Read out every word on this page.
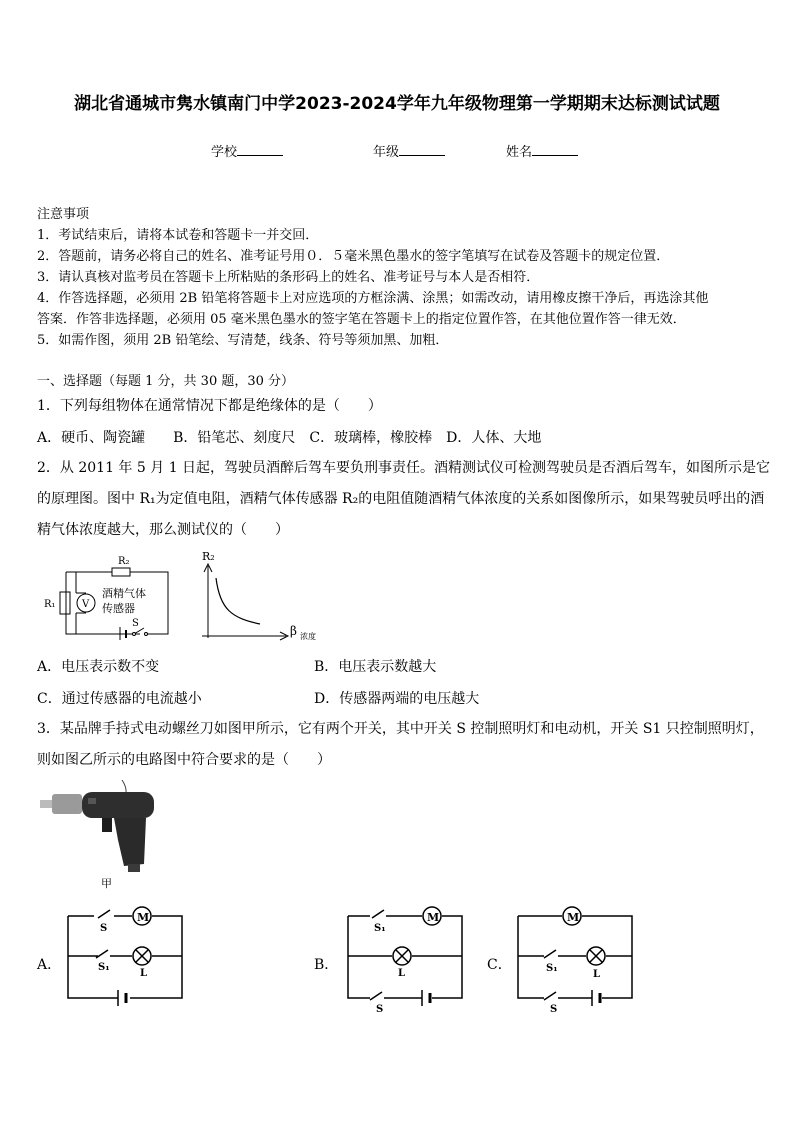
湖北省通城市隽水镇南门中学2023-2024学年九年级物理第一学期期末达标测试试题
学校	年级	姓名
注意事项
1．考试结束后，请将本试卷和答题卡一并交回．
2．答题前，请务必将自己的姓名、准考证号用０．５毫米黑色墨水的签字笔填写在试卷及答题卡的规定位置．
3．请认真核对监考员在答题卡上所粘贴的条形码上的姓名、准考证号与本人是否相符．
4．作答选择题，必须用 2B 铅笔将答题卡上对应选项的方框涂满、涂黑；如需改动，请用橡皮擦干净后，再选涂其他
答案．作答非选择题，必须用 05 毫米黑色墨水的签字笔在答题卡上的指定位置作答，在其他位置作答一律无效．
5．如需作图，须用 2B 铅笔绘、写清楚，线条、符号等须加黑、加粗．
一、选择题（每题 1 分，共 30 题，30 分）
1．下列每组物体在通常情况下都是绝缘体的是（　　）
A．硬币、陶瓷罐　　B．铅笔芯、刻度尺　C．玻璃棒，橡胶棒　D．人体、大地
2．从 2011 年 5 月 1 日起，驾驶员酒醉后驾车要负刑事责任。酒精测试仪可检测驾驶员是否酒后驾车，如图所示是它
的原理图。图中 R₁为定值电阻，酒精气体传感器 R₂的电阻值随酒精气体浓度的关系如图像所示，如果驾驶员呼出的酒
精气体浓度越大，那么测试仪的（　　）
R₂
R₁	V
酒精气体
传感器
S
R₂
β 浓度
A．电压表示数不变	B．电压表示数越大
C．通过传感器的电流越小	D．传感器两端的电压越大
3．某品牌手持式电动螺丝刀如图甲所示，它有两个开关，其中开关 S 控制照明灯和电动机，开关 S1 只控制照明灯，
则如图乙所示的电路图中符合要求的是（　　）
甲
A．
M
S
S₁
L
B．
M
S₁
L
S
C．
M
S₁
L
S
